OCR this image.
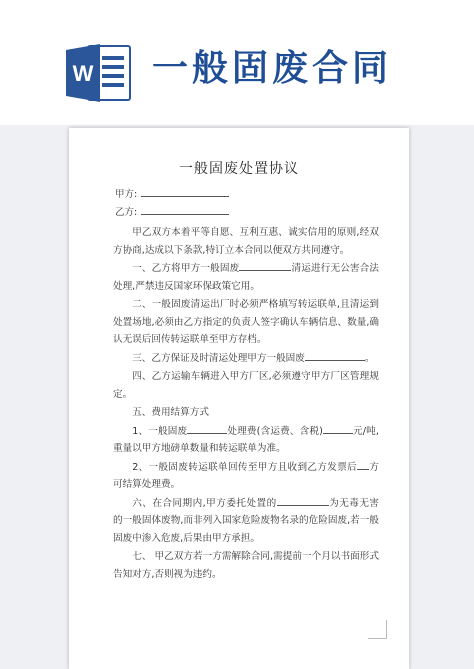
W 一般固废合同
一般固废处置协议
甲方:
乙方:

甲乙双方本着平等自愿、互利互惠、诚实信用的原则,经双方协商,达成以下条款,特订立本合同以便双方共同遵守。

一、乙方将甲方一般固废	清运进行无公害合法处理,严禁违反国家环保政策它用。

二、一般固废清运出厂时必须严格填写转运联单,且清运到处置场地,必须由乙方指定的负责人签字确认车辆信息、数量,确认无误后回传转运联单至甲方存档。

三、乙方保证及时清运处理甲方一般固废	。

四、乙方运输车辆进入甲方厂区,必须遵守甲方厂区管理规定。

五、费用结算方式

1、一般固废	处理费(含运费、含税)	元/吨,重量以甲方地磅单数量和转运联单为准。

2、一般固废转运联单回传至甲方且收到乙方发票后 方可结算处理费。

六、在合同期内,甲方委托处置的	为无毒无害的一般固体废物,而非列入国家危险废物名录的危险固废,若一般固废中渗入危废,后果由甲方承担。

七、 甲乙双方若一方需解除合同,需提前一个月以书面形式告知对方,否则视为违约。
